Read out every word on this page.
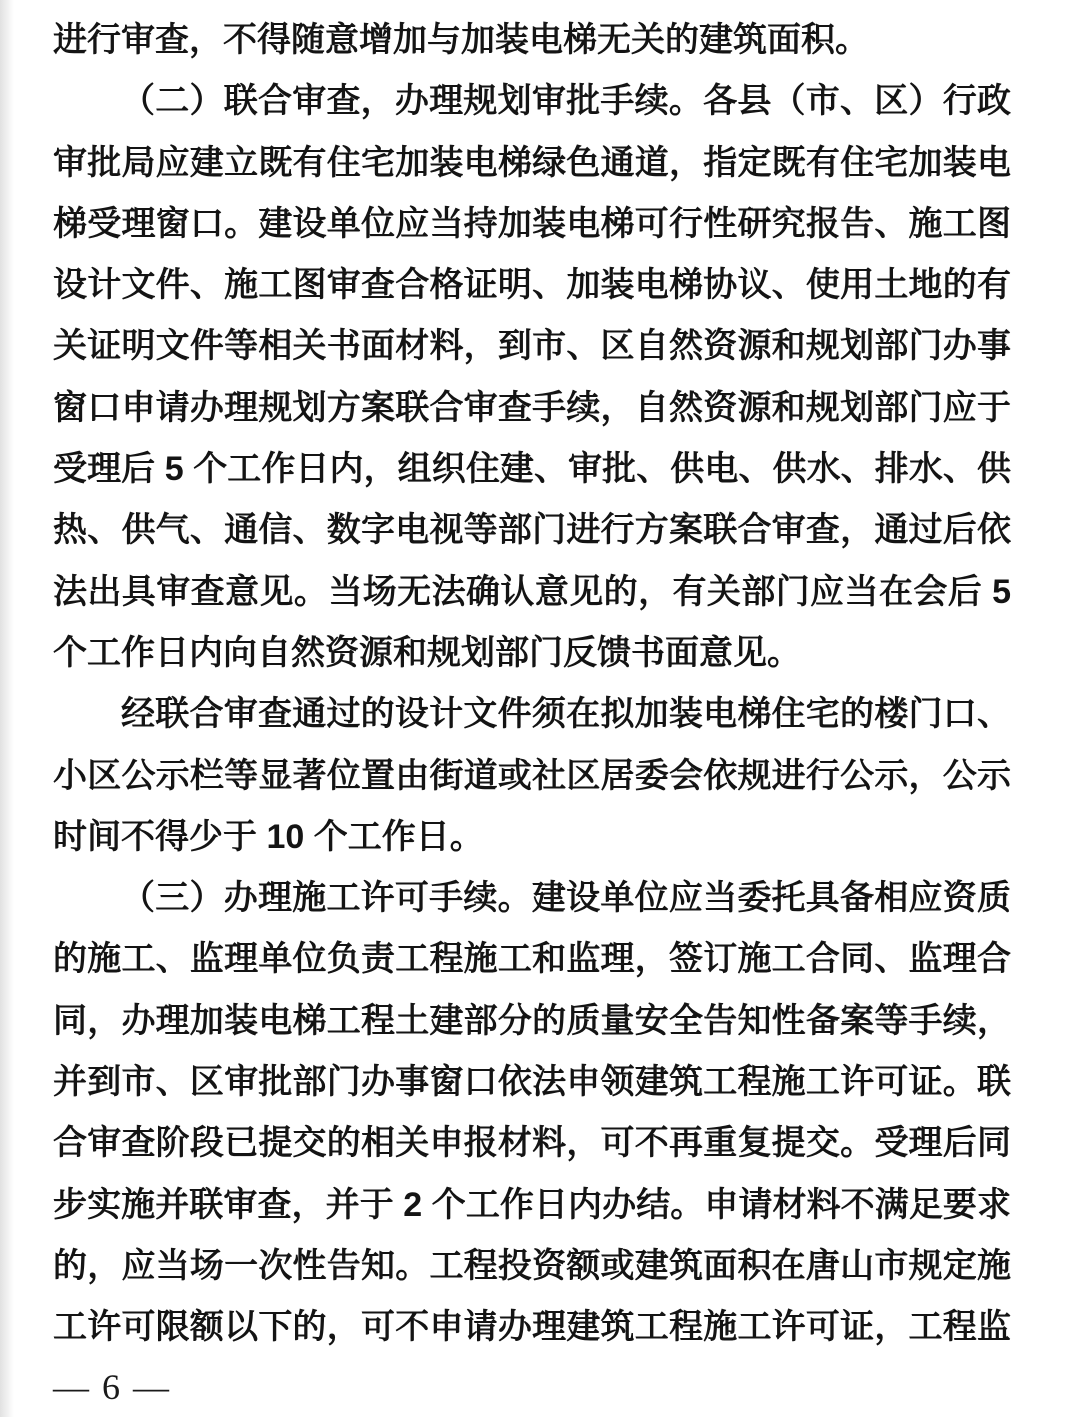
进行审查，不得随意增加与加装电梯无关的建筑面积。
（二）联合审查，办理规划审批手续。各县（市、区）行政
审批局应建立既有住宅加装电梯绿色通道，指定既有住宅加装电
梯受理窗口。建设单位应当持加装电梯可行性研究报告、施工图
设计文件、施工图审查合格证明、加装电梯协议、使用土地的有
关证明文件等相关书面材料，到市、区自然资源和规划部门办事
窗口申请办理规划方案联合审查手续，自然资源和规划部门应于
受理后 5 个工作日内，组织住建、审批、供电、供水、排水、供
热、供气、通信、数字电视等部门进行方案联合审查，通过后依
法出具审查意见。当场无法确认意见的，有关部门应当在会后 5
个工作日内向自然资源和规划部门反馈书面意见。
经联合审查通过的设计文件须在拟加装电梯住宅的楼门口、
小区公示栏等显著位置由街道或社区居委会依规进行公示，公示
时间不得少于 10 个工作日。
（三）办理施工许可手续。建设单位应当委托具备相应资质
的施工、监理单位负责工程施工和监理，签订施工合同、监理合
同，办理加装电梯工程土建部分的质量安全告知性备案等手续，
并到市、区审批部门办事窗口依法申领建筑工程施工许可证。联
合审查阶段已提交的相关申报材料，可不再重复提交。受理后同
步实施并联审查，并于 2 个工作日内办结。申请材料不满足要求
的，应当场一次性告知。工程投资额或建筑面积在唐山市规定施
工许可限额以下的，可不申请办理建筑工程施工许可证，工程监
— 6 —
